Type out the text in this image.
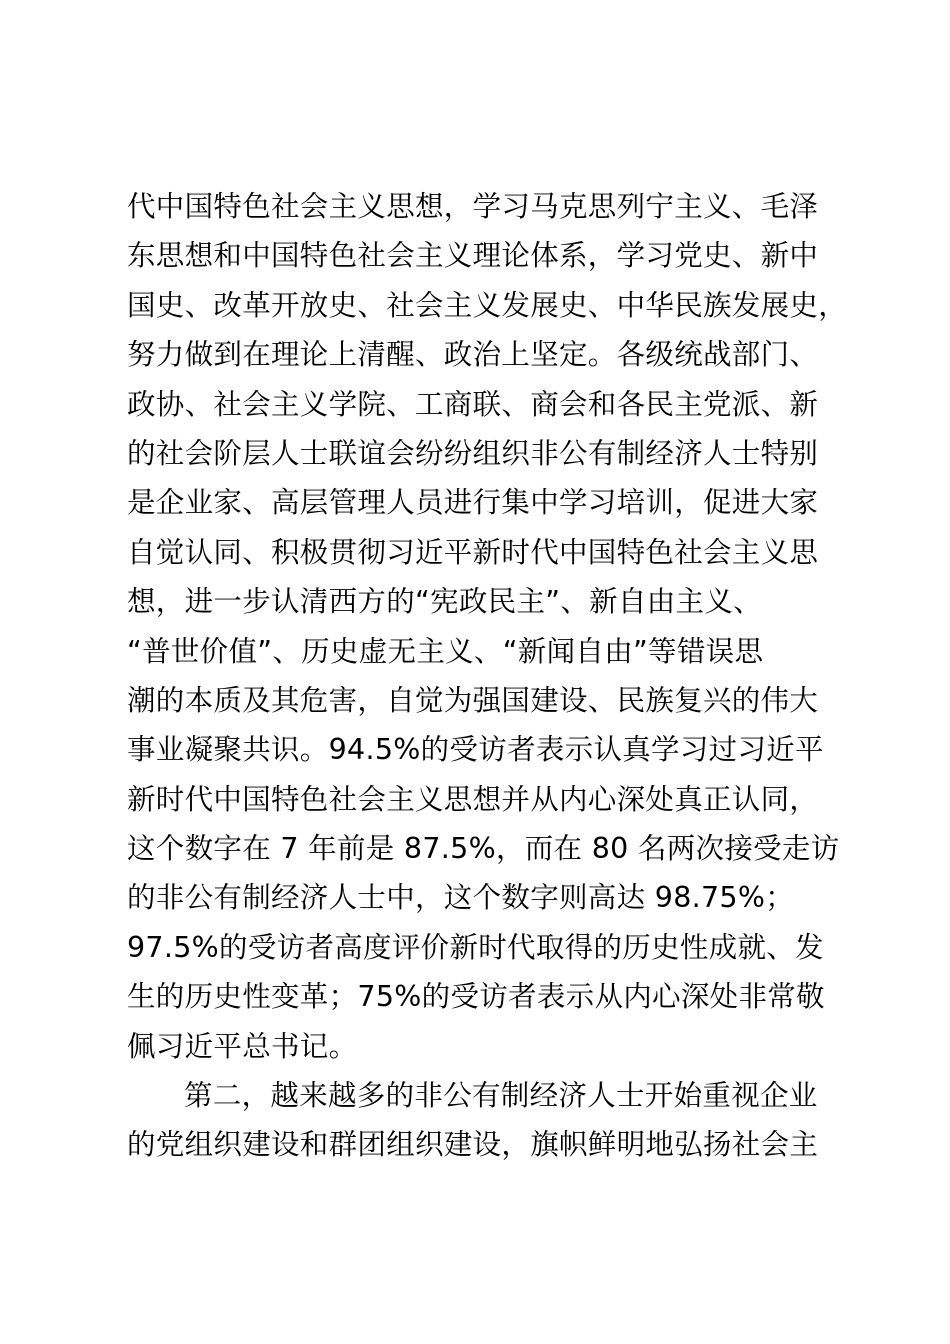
代中国特色社会主义思想，学习马克思列宁主义、毛泽
东思想和中国特色社会主义理论体系，学习党史、新中
国史、改革开放史、社会主义发展史、中华民族发展史，
努力做到在理论上清醒、政治上坚定。各级统战部门、
政协、社会主义学院、工商联、商会和各民主党派、新
的社会阶层人士联谊会纷纷组织非公有制经济人士特别
是企业家、高层管理人员进行集中学习培训，促进大家
自觉认同、积极贯彻习近平新时代中国特色社会主义思
想，进一步认清西方的“宪政民主”、新自由主义、
“普世价值”、历史虚无主义、“新闻自由”等错误思
潮的本质及其危害，自觉为强国建设、民族复兴的伟大
事业凝聚共识。94.5%的受访者表示认真学习过习近平
新时代中国特色社会主义思想并从内心深处真正认同，
这个数字在 7 年前是 87.5%，而在 80 名两次接受走访
的非公有制经济人士中，这个数字则高达 98.75%；
97.5%的受访者高度评价新时代取得的历史性成就、发
生的历史性变革；75%的受访者表示从内心深处非常敬
佩习近平总书记。
第二，越来越多的非公有制经济人士开始重视企业
的党组织建设和群团组织建设，旗帜鲜明地弘扬社会主
